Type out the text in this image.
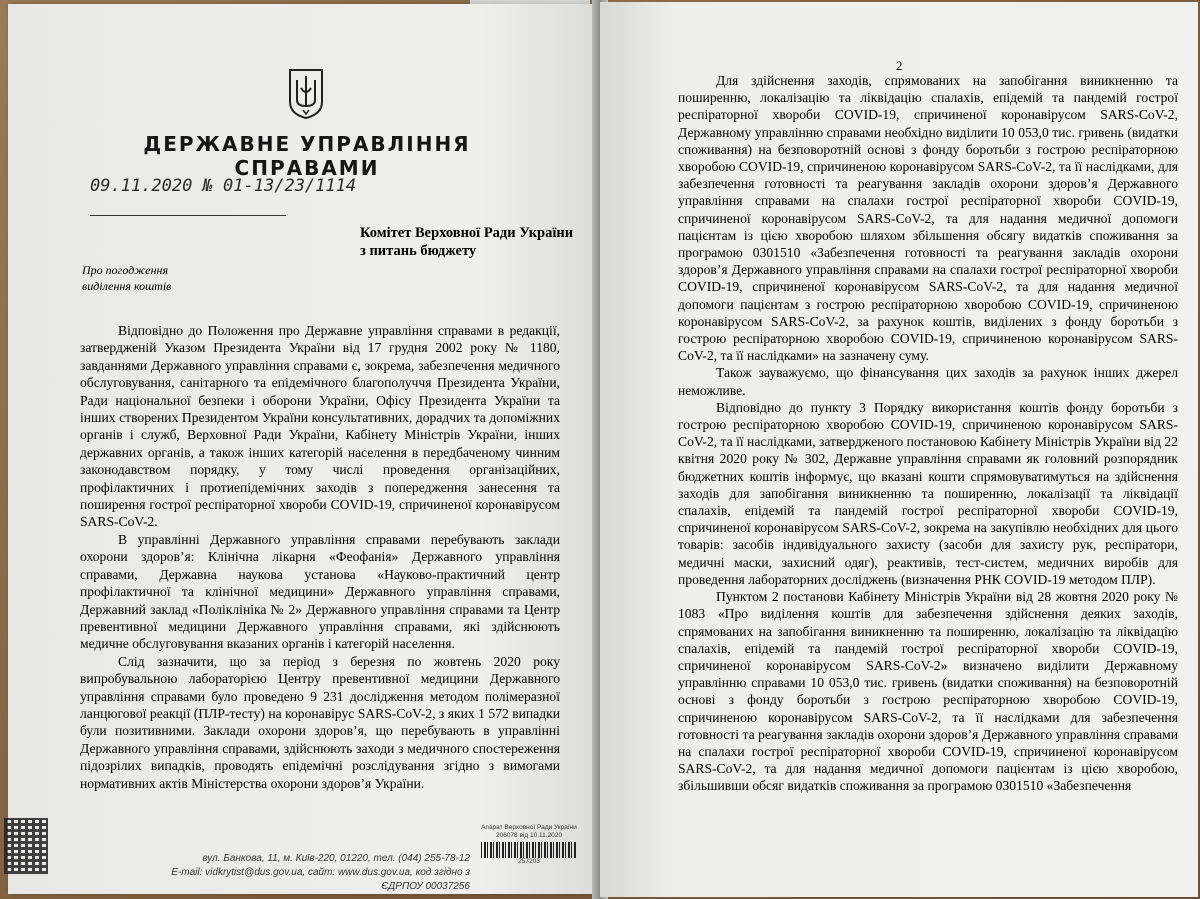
ДЕРЖАВНЕ УПРАВЛІННЯ СПРАВАМИ
09.11.2020 № 01-13/23/1114
Комітет Верховної Ради України
з питань бюджету
Про погодження
виділення коштів

Відповідно до Положення про Державне управління справами в редакції, затвердженій Указом Президента України від 17 грудня 2002 року № 1180, завданнями Державного управління справами є, зокрема, забезпечення медичного обслуговування, санітарного та епідемічного благополуччя Президента України, Ради національної безпеки і оборони України, Офісу Президента України та інших створених Президентом України консультативних, дорадчих та допоміжних органів і служб, Верховної Ради України, Кабінету Міністрів України, інших державних органів, а також інших категорій населення в передбаченому чинним законодавством порядку, у тому числі проведення організаційних, профілактичних і протиепідемічних заходів з попередження занесення та поширення гострої респіраторної хвороби COVID-19, спричиненої коронавірусом SARS-CoV-2.

В управлінні Державного управління справами перебувають заклади охорони здоров’я: Клінічна лікарня «Феофанія» Державного управління справами, Державна наукова установа «Науково-практичний центр профілактичної та клінічної медицини» Державного управління справами, Державний заклад «Поліклініка № 2» Державного управління справами та Центр превентивної медицини Державного управління справами, які здійснюють медичне обслуговування вказаних органів і категорій населення.

Слід зазначити, що за період з березня по жовтень 2020 року випробувальною лабораторією Центру превентивної медицини Державного управління справами було проведено 9 231 дослідження методом полімеразної ланцюгової реакції (ПЛР-тесту) на коронавірус SARS-CoV-2, з яких 1 572 випадки були позитивними. Заклади охорони здоров’я, що перебувають в управлінні Державного управління справами, здійснюють заходи з медичного спостереження підозрілих випадків, проводять епідемічні розслідування згідно з вимогами нормативних актів Міністерства охорони здоров’я України.

вул. Банкова, 11, м. Київ-220, 01220, тел. (044) 255-78-12
E-mail: vidkrytist@dus.gov.ua, сайт: www.dus.gov.ua, код згідно з ЄДРПОУ 00037256
Апарат Верховної Ради України
206078 від 10.11.2020
257203
2

Для здійснення заходів, спрямованих на запобігання виникненню та поширенню, локалізацію та ліквідацію спалахів, епідемій та пандемій гострої респіраторної хвороби COVID-19, спричиненої коронавірусом SARS-CoV-2, Державному управлінню справами необхідно виділити 10 053,0 тис. гривень (видатки споживання) на безповоротній основі з фонду боротьби з гострою респіраторною хворобою COVID-19, спричиненою коронавірусом SARS-CoV-2, та її наслідками, для забезпечення готовності та реагування закладів охорони здоров’я Державного управління справами на спалахи гострої респіраторної хвороби COVID-19, спричиненої коронавірусом SARS-CoV-2, та для надання медичної допомоги пацієнтам із цією хворобою шляхом збільшення обсягу видатків споживання за програмою 0301510 «Забезпечення готовності та реагування закладів охорони здоров’я Державного управління справами на спалахи гострої респіраторної хвороби COVID-19, спричиненої коронавірусом SARS-CoV-2, та для надання медичної допомоги пацієнтам з гострою респіраторною хворобою COVID-19, спричиненою коронавірусом SARS-CoV-2, за рахунок коштів, виділених з фонду боротьби з гострою респіраторною хворобою COVID-19, спричиненою коронавірусом SARS-CoV-2, та її наслідками» на зазначену суму.

Також зауважуємо, що фінансування цих заходів за рахунок інших джерел неможливе.

Відповідно до пункту 3 Порядку використання коштів фонду боротьби з гострою респіраторною хворобою COVID-19, спричиненою коронавірусом SARS-CoV-2, та її наслідками, затвердженого постановою Кабінету Міністрів України від 22 квітня 2020 року № 302, Державне управління справами як головний розпорядник бюджетних коштів інформує, що вказані кошти спрямовуватимуться на здійснення заходів для запобігання виникненню та поширенню, локалізації та ліквідації спалахів, епідемій та пандемій гострої респіраторної хвороби COVID-19, спричиненої коронавірусом SARS-CoV-2, зокрема на закупівлю необхідних для цього товарів: засобів індивідуального захисту (засоби для захисту рук, респіратори, медичні маски, захисний одяг), реактивів, тест-систем, медичних виробів для проведення лабораторних досліджень (визначення РНК COVID-19 методом ПЛР).

Пунктом 2 постанови Кабінету Міністрів України від 28 жовтня 2020 року № 1083 «Про виділення коштів для забезпечення здійснення деяких заходів, спрямованих на запобігання виникненню та поширенню, локалізацію та ліквідацію спалахів, епідемій та пандемій гострої респіраторної хвороби COVID-19, спричиненої коронавірусом SARS-CoV-2» визначено виділити Державному управлінню справами 10 053,0 тис. гривень (видатки споживання) на безповоротній основі з фонду боротьби з гострою респіраторною хворобою COVID-19, спричиненою коронавірусом SARS-CoV-2, та її наслідками для забезпечення готовності та реагування закладів охорони здоров’я Державного управління справами на спалахи гострої респіраторної хвороби COVID-19, спричиненої коронавірусом SARS-CoV-2, та для надання медичної допомоги пацієнтам із цією хворобою, збільшивши обсяг видатків споживання за програмою 0301510 «Забезпечення
